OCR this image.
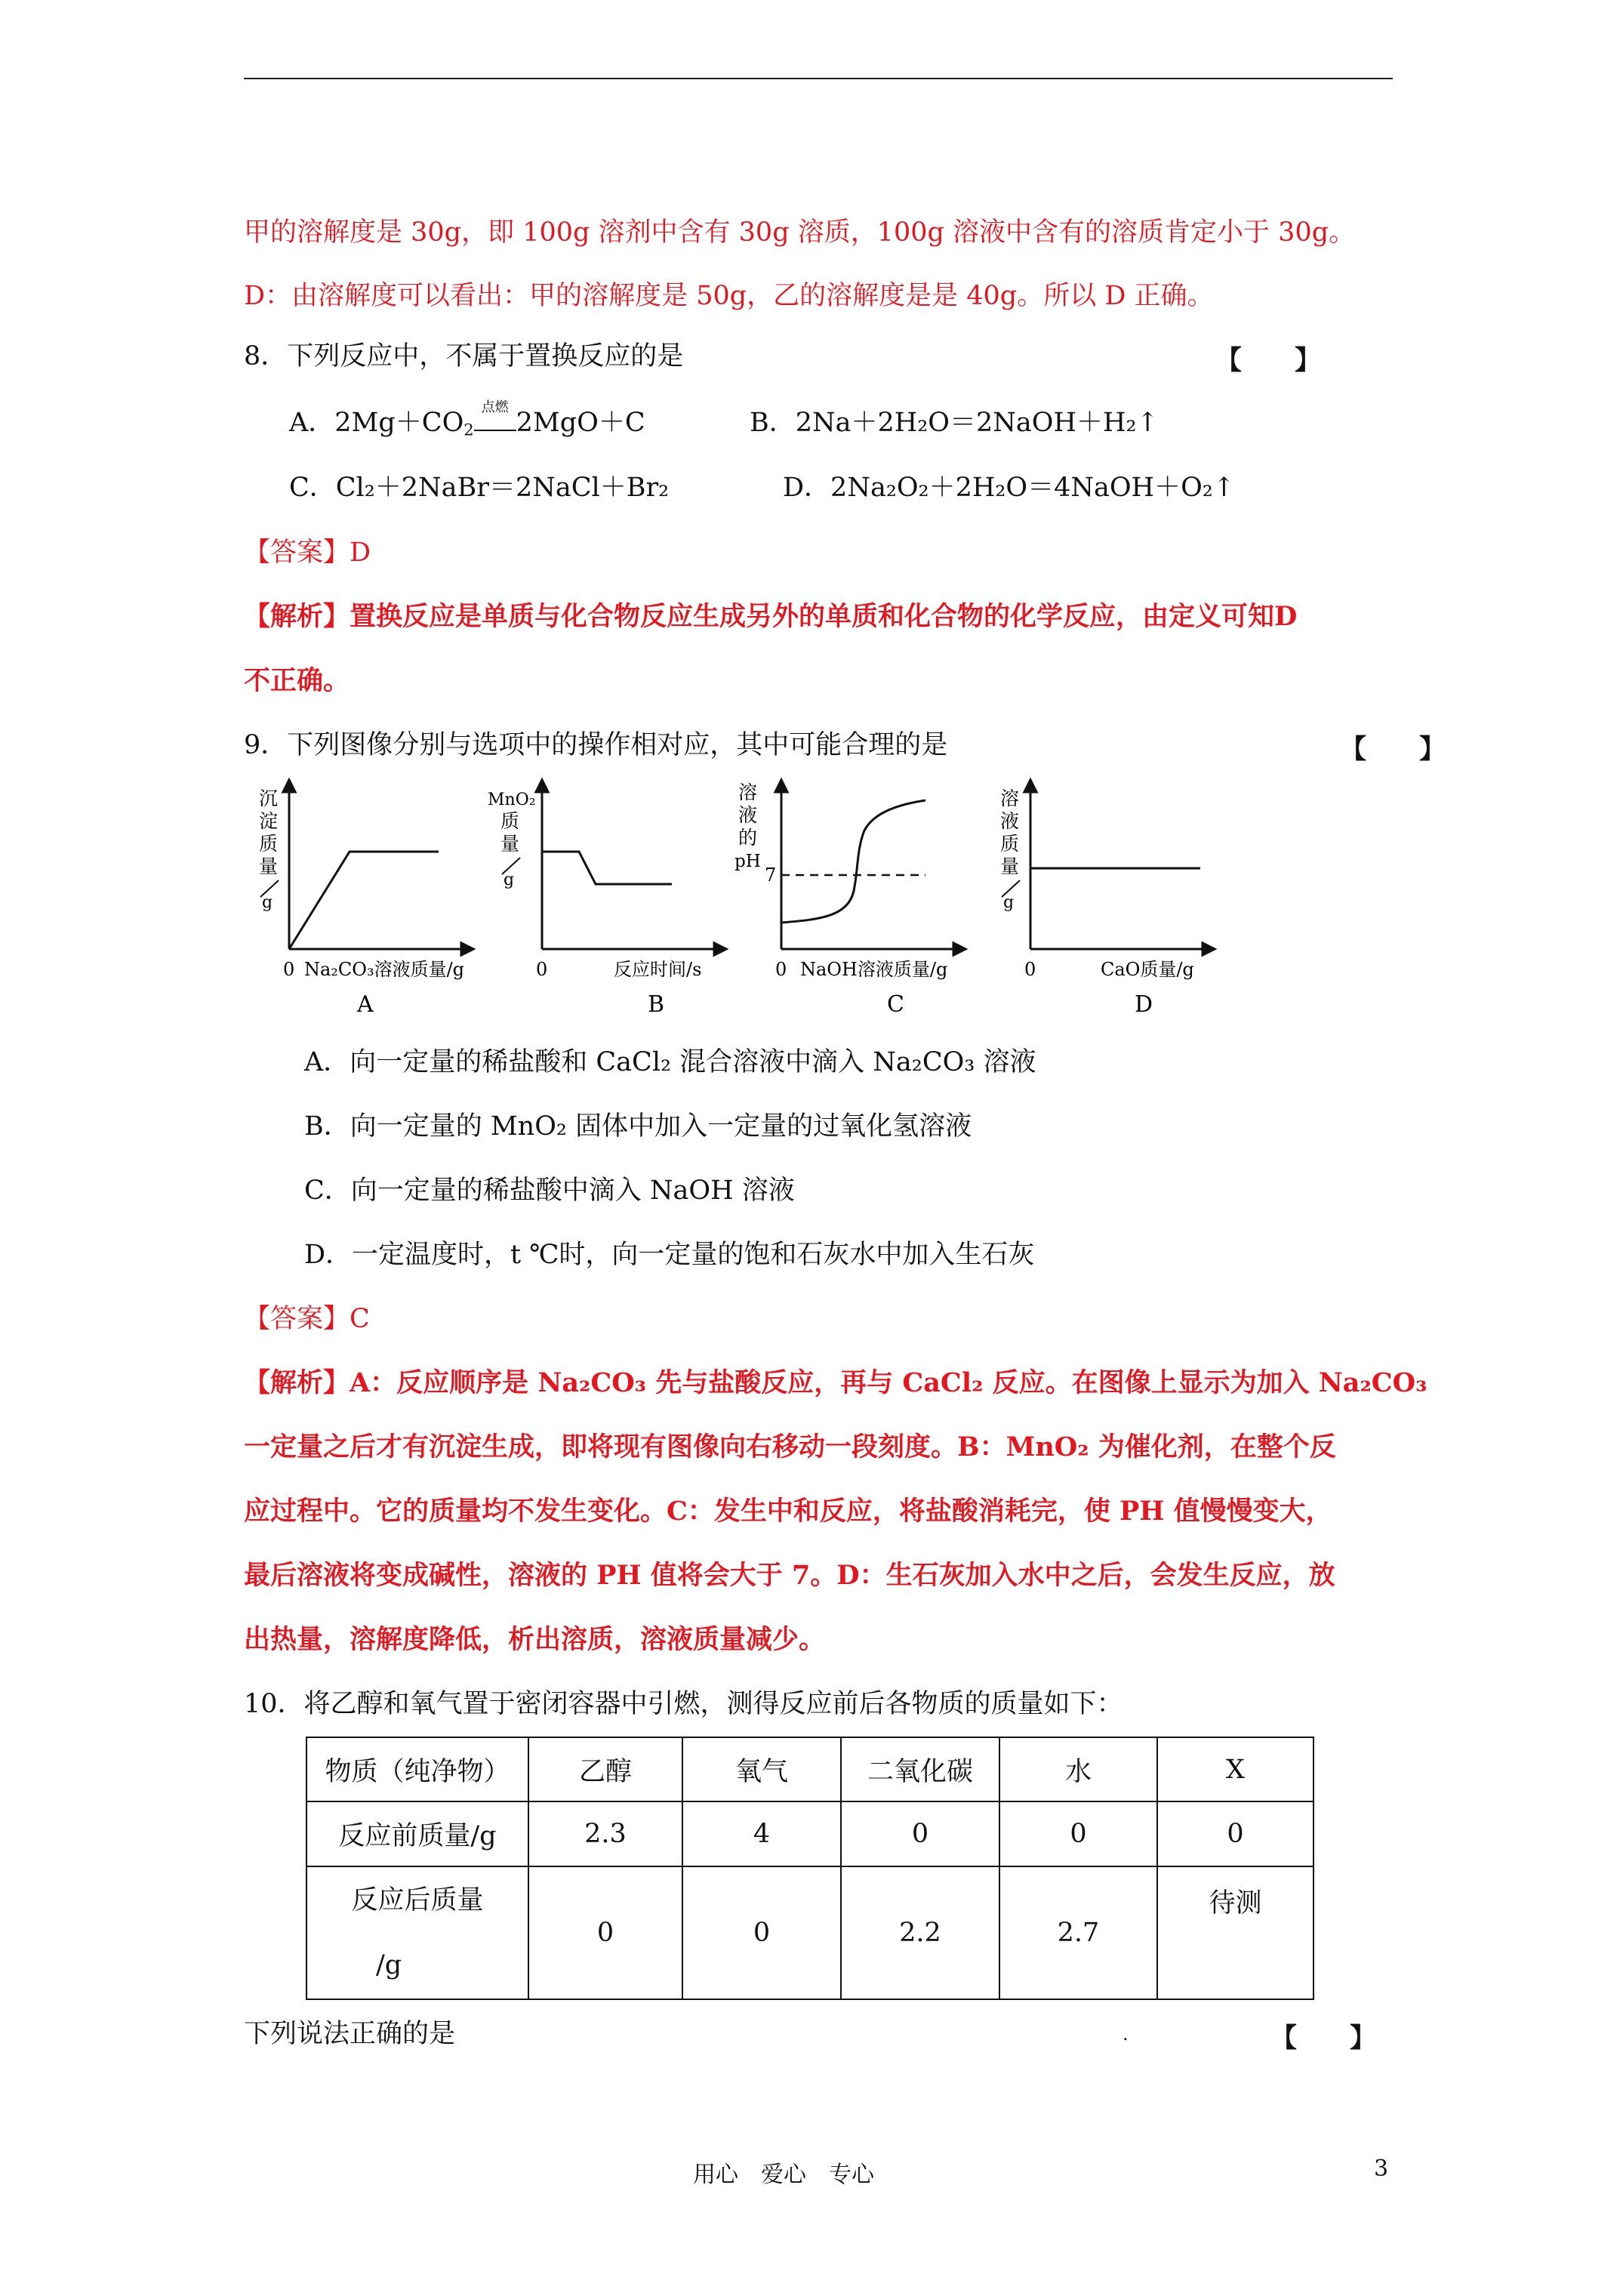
甲的溶解度是 30g，即 100g 溶剂中含有 30g 溶质，100g 溶液中含有的溶质肯定小于 30g。
D：由溶解度可以看出：甲的溶解度是 50g，乙的溶解度是是 40g。所以 D 正确。
8．下列反应中，不属于置换反应的是	【　　】
A．$2Mg+CO_2$
点燃
2MgO＋C	B．2Na＋2H₂O＝2NaOH＋H₂↑
C．Cl₂＋2NaBr＝2NaCl＋Br₂	D．2Na₂O₂＋2H₂O＝4NaOH＋O₂↑
【答案】D
【解析】置换反应是单质与化合物反应生成另外的单质和化合物的化学反应，由定义可知D
不正确。
9．下列图像分别与选项中的操作相对应，其中可能合理的是	【　　】
沉
淀
质
量
g
0 Na₂CO₃溶液质量/g
A
MnO₂
质
量
g
0	反应时间/s
B
溶
液
的
pH
7
0 NaOH溶液质量/g
C
溶
液
质
量
g
0	CaO质量/g
D
A．向一定量的稀盐酸和 CaCl₂ 混合溶液中滴入 Na₂CO₃ 溶液
B．向一定量的 MnO₂ 固体中加入一定量的过氧化氢溶液
C．向一定量的稀盐酸中滴入 NaOH 溶液
D．一定温度时，t ℃时，向一定量的饱和石灰水中加入生石灰
【答案】C
【解析】A：反应顺序是 Na₂CO₃ 先与盐酸反应，再与 CaCl₂ 反应。在图像上显示为加入 Na₂CO₃
一定量之后才有沉淀生成，即将现有图像向右移动一段刻度。B：MnO₂ 为催化剂，在整个反
应过程中。它的质量均不发生变化。C：发生中和反应，将盐酸消耗完，使 PH 值慢慢变大，
最后溶液将变成碱性，溶液的 PH 值将会大于 7。D：生石灰加入水中之后，会发生反应，放
出热量，溶解度降低，析出溶质，溶液质量减少。
10．将乙醇和氧气置于密闭容器中引燃，测得反应前后各物质的质量如下：
物质（纯净物）	乙醇	氧气	二氧化碳	水	X
反应前质量/g	2.3	4	0	0	0

反应后质量
/g	0	0	2.2	2.7	待测
下列说法正确的是	.	【　　】
用心　爱心　专心	3
